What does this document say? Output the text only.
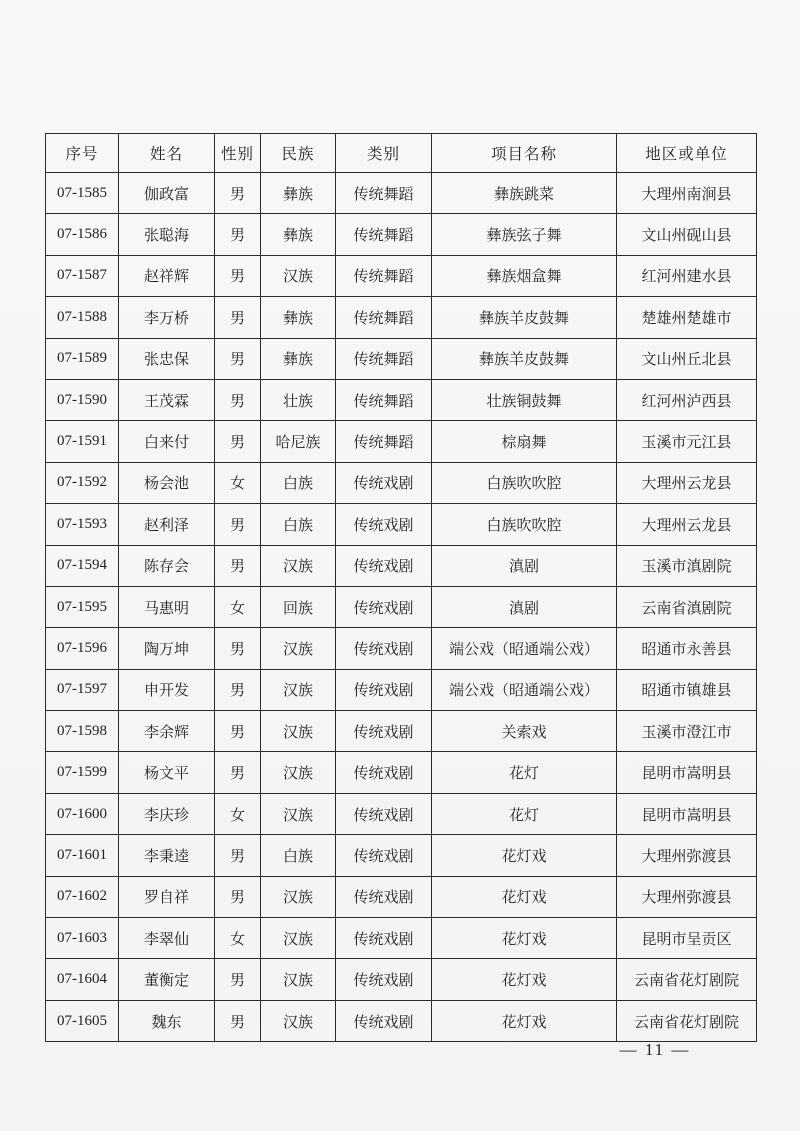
序号	姓名	性别	民族	类别	项目名称	地区或单位
07-1585	伽政富	男	彝族	传统舞蹈	彝族跳菜	大理州南涧县
07-1586	张聪海	男	彝族	传统舞蹈	彝族弦子舞	文山州砚山县
07-1587	赵祥辉	男	汉族	传统舞蹈	彝族烟盒舞	红河州建水县
07-1588	李万桥	男	彝族	传统舞蹈	彝族羊皮鼓舞	楚雄州楚雄市
07-1589	张忠保	男	彝族	传统舞蹈	彝族羊皮鼓舞	文山州丘北县
07-1590	王茂霖	男	壮族	传统舞蹈	壮族铜鼓舞	红河州泸西县
07-1591	白来付	男	哈尼族	传统舞蹈	棕扇舞	玉溪市元江县
07-1592	杨会池	女	白族	传统戏剧	白族吹吹腔	大理州云龙县
07-1593	赵利泽	男	白族	传统戏剧	白族吹吹腔	大理州云龙县
07-1594	陈存会	男	汉族	传统戏剧	滇剧	玉溪市滇剧院
07-1595	马惠明	女	回族	传统戏剧	滇剧	云南省滇剧院
07-1596	陶万坤	男	汉族	传统戏剧	端公戏（昭通端公戏）	昭通市永善县
07-1597	申开发	男	汉族	传统戏剧	端公戏（昭通端公戏）	昭通市镇雄县
07-1598	李余辉	男	汉族	传统戏剧	关索戏	玉溪市澄江市
07-1599	杨文平	男	汉族	传统戏剧	花灯	昆明市嵩明县
07-1600	李庆珍	女	汉族	传统戏剧	花灯	昆明市嵩明县
07-1601	李秉逵	男	白族	传统戏剧	花灯戏	大理州弥渡县
07-1602	罗自祥	男	汉族	传统戏剧	花灯戏	大理州弥渡县
07-1603	李翠仙	女	汉族	传统戏剧	花灯戏	昆明市呈贡区
07-1604	董衡定	男	汉族	传统戏剧	花灯戏	云南省花灯剧院
07-1605	魏东	男	汉族	传统戏剧	花灯戏	云南省花灯剧院
— 11 —
